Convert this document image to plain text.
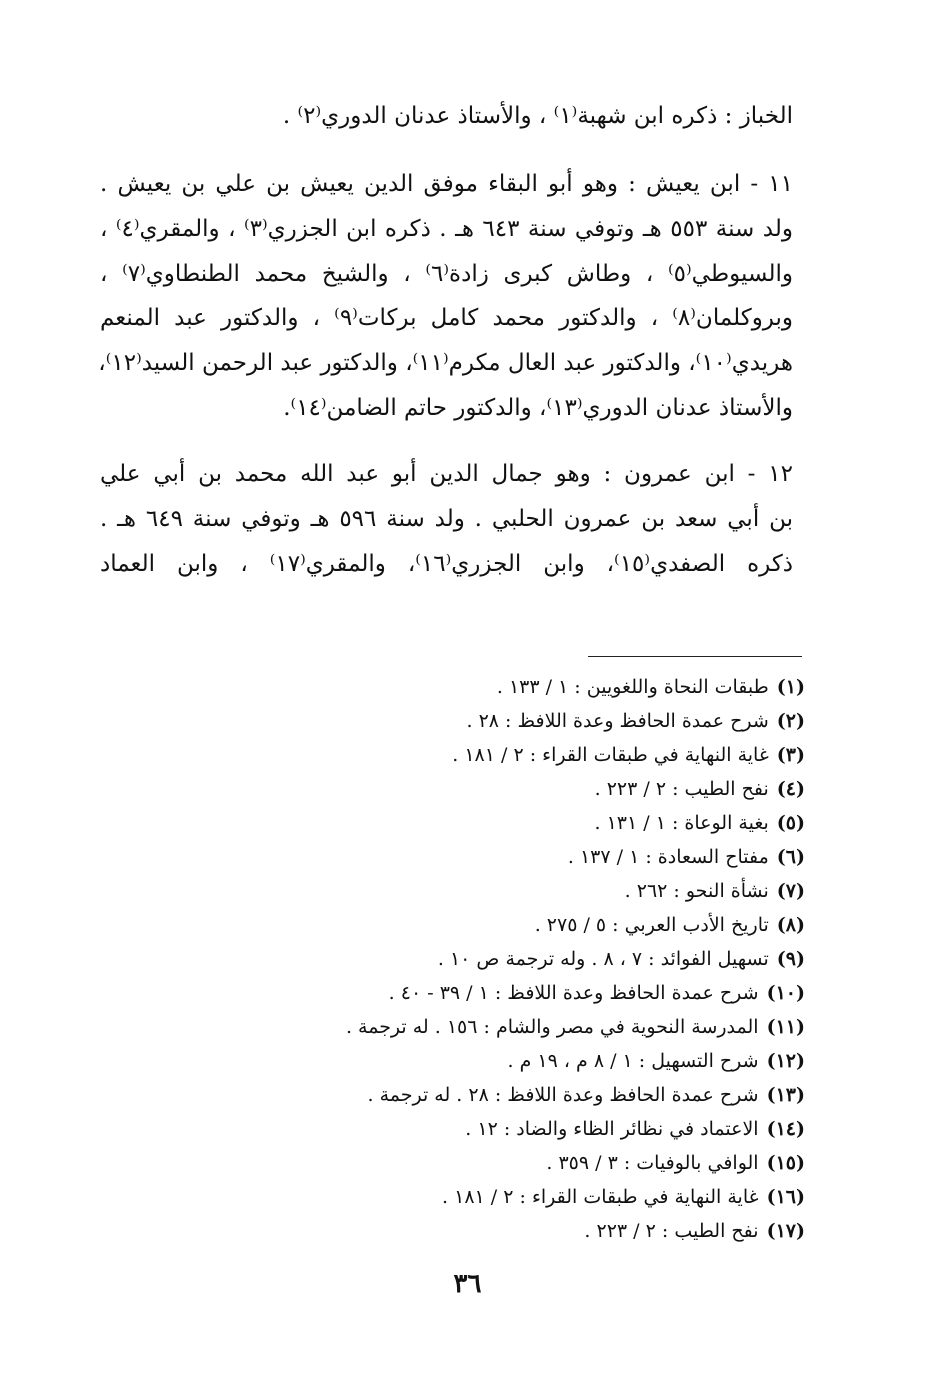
الخباز : ذكره ابن شهبة⁽١⁾ ، والأستاذ عدنان الدوري⁽٢⁾ .
١١ - ابن يعيش : وهو أبو البقاء موفق الدين يعيش بن علي بن يعيش .
ولد سنة ٥٥٣ هـ وتوفي سنة ٦٤٣ هـ . ذكره ابن الجزري⁽٣⁾ ، والمقري⁽٤⁾ ،
والسيوطي⁽٥⁾ ، وطاش كبرى زادة⁽٦⁾ ، والشيخ محمد الطنطاوي⁽٧⁾ ،
وبروكلمان⁽٨⁾ ، والدكتور محمد كامل بركات⁽٩⁾ ، والدكتور عبد المنعم
هريدي⁽١٠⁾، والدكتور عبد العال مكرم⁽١١⁾، والدكتور عبد الرحمن السيد⁽١٢⁾،
والأستاذ عدنان الدوري⁽١٣⁾، والدكتور حاتم الضامن⁽١٤⁾.
١٢ - ابن عمرون : وهو جمال الدين أبو عبد الله محمد بن أبي علي
بن أبي سعد بن عمرون الحلبي . ولد سنة ٥٩٦ هـ وتوفي سنة ٦٤٩ هـ .
ذكره الصفدي⁽١٥⁾، وابن الجزري⁽١٦⁾، والمقري⁽١٧⁾ ، وابن العماد
(١)طبقات النحاة واللغويين : ١ / ١٣٣ .
(٢)شرح عمدة الحافظ وعدة اللافظ : ٢٨ .
(٣)غاية النهاية في طبقات القراء : ٢ / ١٨١ .
(٤)نفح الطيب : ٢ / ٢٢٣ .
(٥)بغية الوعاة : ١ / ١٣١ .
(٦)مفتاح السعادة : ١ / ١٣٧ .
(٧)نشأة النحو : ٢٦٢ .
(٨)تاريخ الأدب العربي : ٥ / ٢٧٥ .
(٩)تسهيل الفوائد : ٧ ، ٨ . وله ترجمة ص ١٠ .
(١٠)شرح عمدة الحافظ وعدة اللافظ : ١ / ٣٩ - ٤٠ .
(١١)المدرسة النحوية في مصر والشام : ١٥٦ . له ترجمة .
(١٢)شرح التسهيل : ١ / ٨ م ، ١٩ م .
(١٣)شرح عمدة الحافظ وعدة اللافظ : ٢٨ . له ترجمة .
(١٤)الاعتماد في نظائر الظاء والضاد : ١٢ .
(١٥)الوافي بالوفيات : ٣ / ٣٥٩ .
(١٦)غاية النهاية في طبقات القراء : ٢ / ١٨١ .
(١٧)نفح الطيب : ٢ / ٢٢٣ .
٣٦
